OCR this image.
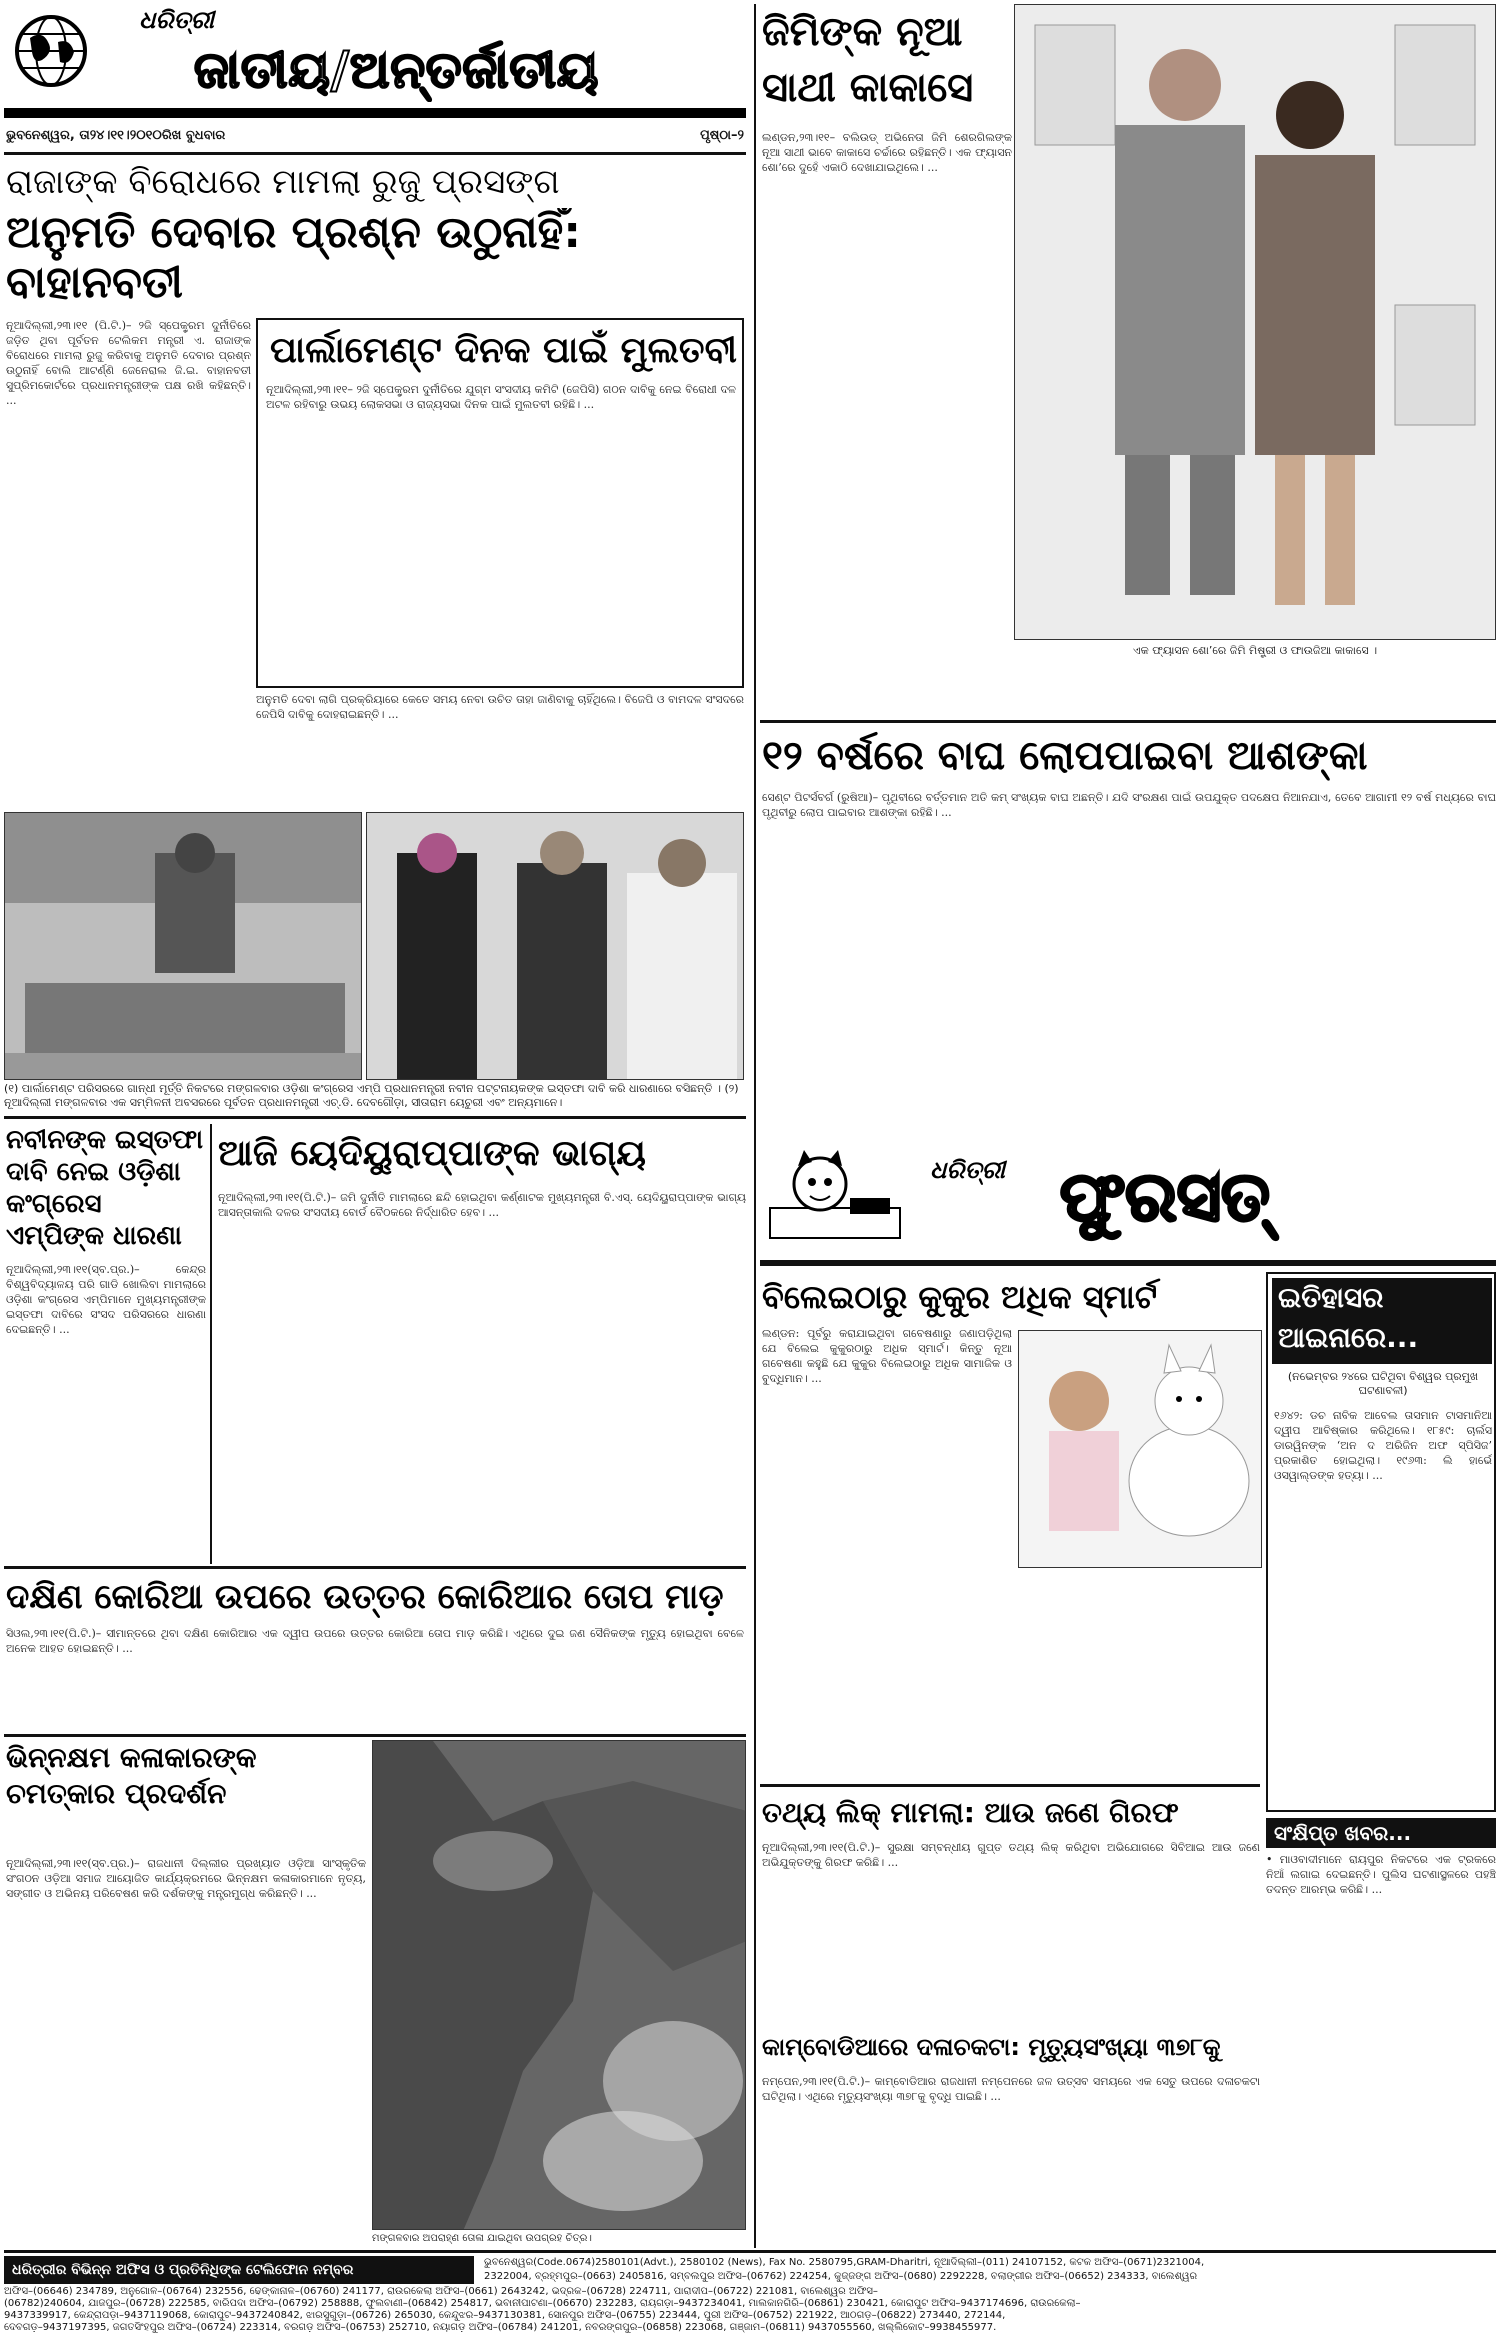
ଧରିତ୍ରୀ
ଜାତୀୟ/ଅନ୍ତର୍ଜାତୀୟ
ଭୁବନେଶ୍ୱର, ତା୨୪।୧୧।୨୦୧୦ରିଖ ବୁଧବାର	ପୃଷ୍ଠା–୨
ରାଜାଙ୍କ ବିରୋଧରେ ମାମଲା ରୁଜୁ ପ୍ରସଙ୍ଗ
ଅନୁମତି ଦେବାର ପ୍ରଶ୍ନ ଉଠୁନାହିଁ: ବାହାନବତୀ
ନୂଆଦିଲ୍ଲୀ,୨୩।୧୧ (ପି.ଟି.)– ୨ଜି ସ୍ପେକ୍ଟ୍ରମ ଦୁର୍ନୀତିରେ ଜଡ଼ିତ ଥିବା ପୂର୍ବତନ ଟେଲିକମ ମନ୍ତ୍ରୀ ଏ. ରାଜାଙ୍କ ବିରୋଧରେ ମାମଲା ରୁଜୁ କରିବାକୁ ଅନୁମତି ଦେବାର ପ୍ରଶ୍ନ ଉଠୁନାହିଁ ବୋଲି ଆଟର୍ଣ୍ଣି ଜେନେରାଲ ଜି.ଇ. ବାହାନବତୀ ସୁପ୍ରିମକୋର୍ଟରେ ପ୍ରଧାନମନ୍ତ୍ରୀଙ୍କ ପକ୍ଷ ରଖି କହିଛନ୍ତି। ...
ପାର୍ଲାମେଣ୍ଟ ଦିନକ ପାଇଁ ମୁଲତବୀ
ନୂଆଦିଲ୍ଲୀ,୨୩।୧୧– ୨ଜି ସ୍ପେକ୍ଟ୍ରମ ଦୁର୍ନୀତିରେ ଯୁଗ୍ମ ସଂସଦୀୟ କମିଟି (ଜେପିସି) ଗଠନ ଦାବିକୁ ନେଇ ବିରୋଧୀ ଦଳ ଅଟଳ ରହିବାରୁ ଉଭୟ ଲୋକସଭା ଓ ରାଜ୍ୟସଭା ଦିନକ ପାଇଁ ମୁଲତବୀ ରହିଛି। ...
ଅନୁମତି ଦେବା ଲାଗି ପ୍ରକ୍ରିୟାରେ କେତେ ସମୟ ନେବା ଉଚିତ ତାହା ଜାଣିବାକୁ ଚାହିଁଥିଲେ। ବିଜେପି ଓ ବାମଦଳ ସଂସଦରେ ଜେପିସି ଦାବିକୁ ଦୋହରାଇଛନ୍ତି। ...
(୧) ପାର୍ଲାମେଣ୍ଟ ପରିସରରେ ଗାନ୍ଧୀ ମୂର୍ତ୍ତି ନିକଟରେ ମଙ୍ଗଳବାର ଓଡ଼ିଶା କଂଗ୍ରେସ ଏମ୍ପି ପ୍ରଧାନମନ୍ତ୍ରୀ ନବୀନ ପଟ୍ଟନାୟକଙ୍କ ଇସ୍ତଫା ଦାବି କରି ଧାରଣାରେ ବସିଛନ୍ତି । (୨) ନୂଆଦିଲ୍ଲୀ ମଙ୍ଗଳବାର ଏକ ସମ୍ମିଳନୀ ଅବସରରେ ପୂର୍ବତନ ପ୍ରଧାନମନ୍ତ୍ରୀ ଏଚ୍.ଡି. ଦେବଗୌଡ଼ା, ସୀତାରାମ ୟେଚୁରୀ ଏବଂ ଅନ୍ୟମାନେ।
ନବୀନଙ୍କ ଇସ୍ତଫା ଦାବି ନେଇ ଓଡ଼ିଶା କଂଗ୍ରେସ ଏମ୍ପିଙ୍କ ଧାରଣା
ନୂଆଦିଲ୍ଲୀ,୨୩।୧୧(ସ୍ବ.ପ୍ର.)– କେନ୍ଦ୍ର ବିଶ୍ୱବିଦ୍ୟାଳୟ ପରି ଗାଡି ଖୋଲିବା ମାମଲାରେ ଓଡ଼ିଶା କଂଗ୍ରେସ ଏମ୍ପିମାନେ ମୁଖ୍ୟମନ୍ତ୍ରୀଙ୍କ ଇସ୍ତଫା ଦାବିରେ ସଂସଦ ପରିସରରେ ଧାରଣା ଦେଇଛନ୍ତି। ...
ଆଜି ୟେଦିୟୁରାପ୍ପାଙ୍କ ଭାଗ୍ୟ
ନୂଆଦିଲ୍ଲୀ,୨୩।୧୧(ପି.ଟି.)– ଜମି ଦୁର୍ନୀତି ମାମଲାରେ ଛନ୍ଦି ହୋଇଥିବା କର୍ଣ୍ଣାଟକ ମୁଖ୍ୟମନ୍ତ୍ରୀ ବି.ଏସ୍. ୟେଦିୟୁରାପ୍ପାଙ୍କ ଭାଗ୍ୟ ଆସନ୍ତାକାଲି ଦଳର ସଂସଦୀୟ ବୋର୍ଡ ବୈଠକରେ ନିର୍ଦ୍ଧାରିତ ହେବ। ...
ଦକ୍ଷିଣ କୋରିଆ ଉପରେ ଉତ୍ତର କୋରିଆର ତୋପ ମାଡ଼
ସିଓଲ,୨୩।୧୧(ପି.ଟି.)– ସୀମାନ୍ତରେ ଥିବା ଦକ୍ଷିଣ କୋରିଆର ଏକ ଦ୍ୱୀପ ଉପରେ ଉତ୍ତର କୋରିଆ ତୋପ ମାଡ଼ କରିଛି। ଏଥିରେ ଦୁଇ ଜଣ ସୈନିକଙ୍କ ମୃତ୍ୟୁ ହୋଇଥିବା ବେଳେ ଅନେକ ଆହତ ହୋଇଛନ୍ତି। ...
ଭିନ୍ନକ୍ଷମ କଳାକାରଙ୍କ ଚମତ୍କାର ପ୍ରଦର୍ଶନ
ନୂଆଦିଲ୍ଲୀ,୨୩।୧୧(ସ୍ବ.ପ୍ର.)– ରାଜଧାନୀ ଦିଲ୍ଲୀର ପ୍ରଖ୍ୟାତ ଓଡ଼ିଆ ସାଂସ୍କୃତିକ ସଂଗଠନ ଓଡ଼ିଆ ସମାଜ ଆୟୋଜିତ କାର୍ଯ୍ୟକ୍ରମରେ ଭିନ୍ନକ୍ଷମ କଳାକାରମାନେ ନୃତ୍ୟ, ସଙ୍ଗୀତ ଓ ଅଭିନୟ ପରିବେଷଣ କରି ଦର୍ଶକଙ୍କୁ ମନ୍ତ୍ରମୁଗ୍ଧ କରିଛନ୍ତି। ...
ମଙ୍ଗଳବାର ଅପରାହ୍ଣ ତୋଳା ଯାଇଥିବା ଉପଗ୍ରହ ଚିତ୍ର।
ଜିମିଙ୍କ ନୂଆ ସାଥୀ କାକାସେ
ଲଣ୍ଡନ,୨୩।୧୧– ବଲିଉଡ୍ ଅଭିନେତା ଜିମି ଶେରଗିଲଙ୍କ ନୂଆ ସାଥୀ ଭାବେ କାକାସେ ଚର୍ଚ୍ଚାରେ ରହିଛନ୍ତି। ଏକ ଫ୍ୟାସନ ଶୋ’ରେ ଦୁହେଁ ଏକାଠି ଦେଖାଯାଇଥିଲେ। ...
ଏକ ଫ୍ୟାସନ ଶୋ’ରେ ଜିମି ମିଷ୍ଟ୍ରୀ ଓ ଫାଉଜିଆ କାକାସେ ।
୧୨ ବର୍ଷରେ ବାଘ ଲୋପପାଇବା ଆଶଙ୍କା
ସେଣ୍ଟ ପିଟର୍ସବର୍ଗ (ରୁଷିଆ)– ପୃଥିବୀରେ ବର୍ତ୍ତମାନ ଅତି କମ୍ ସଂଖ୍ୟକ ବାଘ ଅଛନ୍ତି। ଯଦି ସଂରକ୍ଷଣ ପାଇଁ ଉପଯୁକ୍ତ ପଦକ୍ଷେପ ନିଆନଯାଏ, ତେବେ ଆଗାମୀ ୧୨ ବର୍ଷ ମଧ୍ୟରେ ବାଘ ପୃଥିବୀରୁ ଲୋପ ପାଇବାର ଆଶଙ୍କା ରହିଛି। ...
ଧରିତ୍ରୀ ଫୁରସତ୍
ବିଲେଇଠାରୁ କୁକୁର ଅଧିକ ସ୍ମାର୍ଟ
ଲଣ୍ଡନ: ପୂର୍ବରୁ କରାଯାଇଥିବା ଗବେଷଣାରୁ ଜଣାପଡ଼ିଥିଲା ଯେ ବିଲେଇ କୁକୁରଠାରୁ ଅଧିକ ସ୍ମାର୍ଟ। କିନ୍ତୁ ନୂଆ ଗବେଷଣା କହୁଛି ଯେ କୁକୁର ବିଲେଇଠାରୁ ଅଧିକ ସାମାଜିକ ଓ ବୁଦ୍ଧିମାନ। ...
ଇତିହାସର ଆଇନାରେ...
(ନଭେମ୍ବର ୨୪ରେ ଘଟିଥିବା ବିଶ୍ୱର ପ୍ରମୁଖ ଘଟଣାବଳୀ)
୧୬୪୨: ଡଚ ନାବିକ ଆବେଲ ତାସମାନ ଟାସମାନିଆ ଦ୍ୱୀପ ଆବିଷ୍କାର କରିଥିଲେ। ୧୮୫୯: ଚାର୍ଲସ ଡାରୱିନଙ୍କ ‘ଅନ ଦ ଅରିଜିନ ଅଫ ସ୍ପିସିଜ’ ପ୍ରକାଶିତ ହୋଇଥିଲା। ୧୯୬୩: ଲି ହାର୍ଭେ ଓସୱାଲ୍ଡଙ୍କ ହତ୍ୟା। ...
ସଂକ୍ଷିପ୍ତ ଖବର...
• ମାଓବାଦୀମାନେ ରାୟପୁର ନିକଟରେ ଏକ ଟ୍ରକରେ ନିଆଁ ଲଗାଇ ଦେଇଛନ୍ତି। ପୁଲିସ ଘଟଣାସ୍ଥଳରେ ପହଞ୍ଚି ତଦନ୍ତ ଆରମ୍ଭ କରିଛି। ...
ତଥ୍ୟ ଲିକ୍ ମାମଲା: ଆଉ ଜଣେ ଗିରଫ
ନୂଆଦିଲ୍ଲୀ,୨୩।୧୧(ପି.ଟି.)– ସୁରକ୍ଷା ସମ୍ବନ୍ଧୀୟ ଗୁପ୍ତ ତଥ୍ୟ ଲିକ୍ କରିଥିବା ଅଭିଯୋଗରେ ସିବିଆଇ ଆଉ ଜଣେ ଅଭିଯୁକ୍ତଙ୍କୁ ଗିରଫ କରିଛି। ...
କାମ୍ବୋଡିଆରେ ଦଳାଚକଟା: ମୃତ୍ୟୁସଂଖ୍ୟା ୩୭୮କୁ
ନମ୍ପେନ,୨୩।୧୧(ପି.ଟି.)– କାମ୍ବୋଡିଆର ରାଜଧାନୀ ନମ୍ପେନରେ ଜଳ ଉତ୍ସବ ସମୟରେ ଏକ ସେତୁ ଉପରେ ଦଳାଚକଟା ଘଟିଥିଲା। ଏଥିରେ ମୃତ୍ୟୁସଂଖ୍ୟା ୩୭୮କୁ ବୃଦ୍ଧି ପାଇଛି। ...
ଧରିତ୍ରୀର ବିଭିନ୍ନ ଅଫିସ ଓ ପ୍ରତିନିଧିଙ୍କ ଟେଲିଫୋନ ନମ୍ବର	ଭୁବନେଶ୍ୱର(Code.0674)2580101(Advt.), 2580102 (News), Fax No. 2580795,GRAM-Dharitri, ନୂଆଦିଲ୍ଲୀ–(011) 24107152, କଟକ ଅଫିସ–(0671)2321004,
2322004, ବ୍ରହ୍ମପୁର–(0663) 2405816, ସମ୍ବଲପୁର ଅଫିସ–(06762) 224254, କୁଜ୍ଜଙ୍ଗ ଅଫିସ–(0680) 2292228, ବଲାଙ୍ଗୀର ଅଫିସ–(06652) 234333, ବାଲେଶ୍ୱର
ଅଫିସ–(06646) 234789, ଅନୁଗୋଳ–(06764) 232556, ଢେଙ୍କାନାଳ–(06760) 241177, ରାଉରକେଲା ଅଫିସ–(0661) 2643242, ଭଦ୍ରକ–(06728) 224711, ପାରାଦୀପ–(06722) 221081, ବାଲେଶ୍ୱର ଅଫିସ–
(06782)240604, ଯାଜପୁର–(06728) 222585, ବାରିପଦା ଅଫିସ–(06792) 258888, ଫୁଲବାଣୀ–(06842) 254817, ଭବାନୀପାଟଣା–(06670) 232283, ରାୟଗଡ଼ା–9437234041, ମାଲକାନଗିରି–(06861) 230421, କୋରାପୁଟ ଅଫିସ–9437174696, ରାଉରକେଲା–
9437339917, କେନ୍ଦ୍ରାପଡ଼ା–9437119068, କୋରାପୁଟ–9437240842, ଝାରସୁଗୁଡ଼ା–(06726) 265030, କେନ୍ଦୁଝର–9437130381, ସୋନପୁର ଅଫିସ–(06755) 223444, ପୁରୀ ଅଫିସ–(06752) 221922, ଆଠଗଡ଼–(06822) 273440, 272144,
ଦେବଗଡ଼–9437197395, ଜଗତସିଂହପୁର ଅଫିସ–(06724) 223314, ବରଗଡ଼ ଅଫିସ–(06753) 252710, ନୟାଗଡ଼ ଅଫିସ–(06784) 241201, ନବରଙ୍ଗପୁର–(06858) 223068, ଗଞ୍ଜାମ–(06811) 9437055560, ଖଲ୍ଲିକୋଟ–9938455977.
